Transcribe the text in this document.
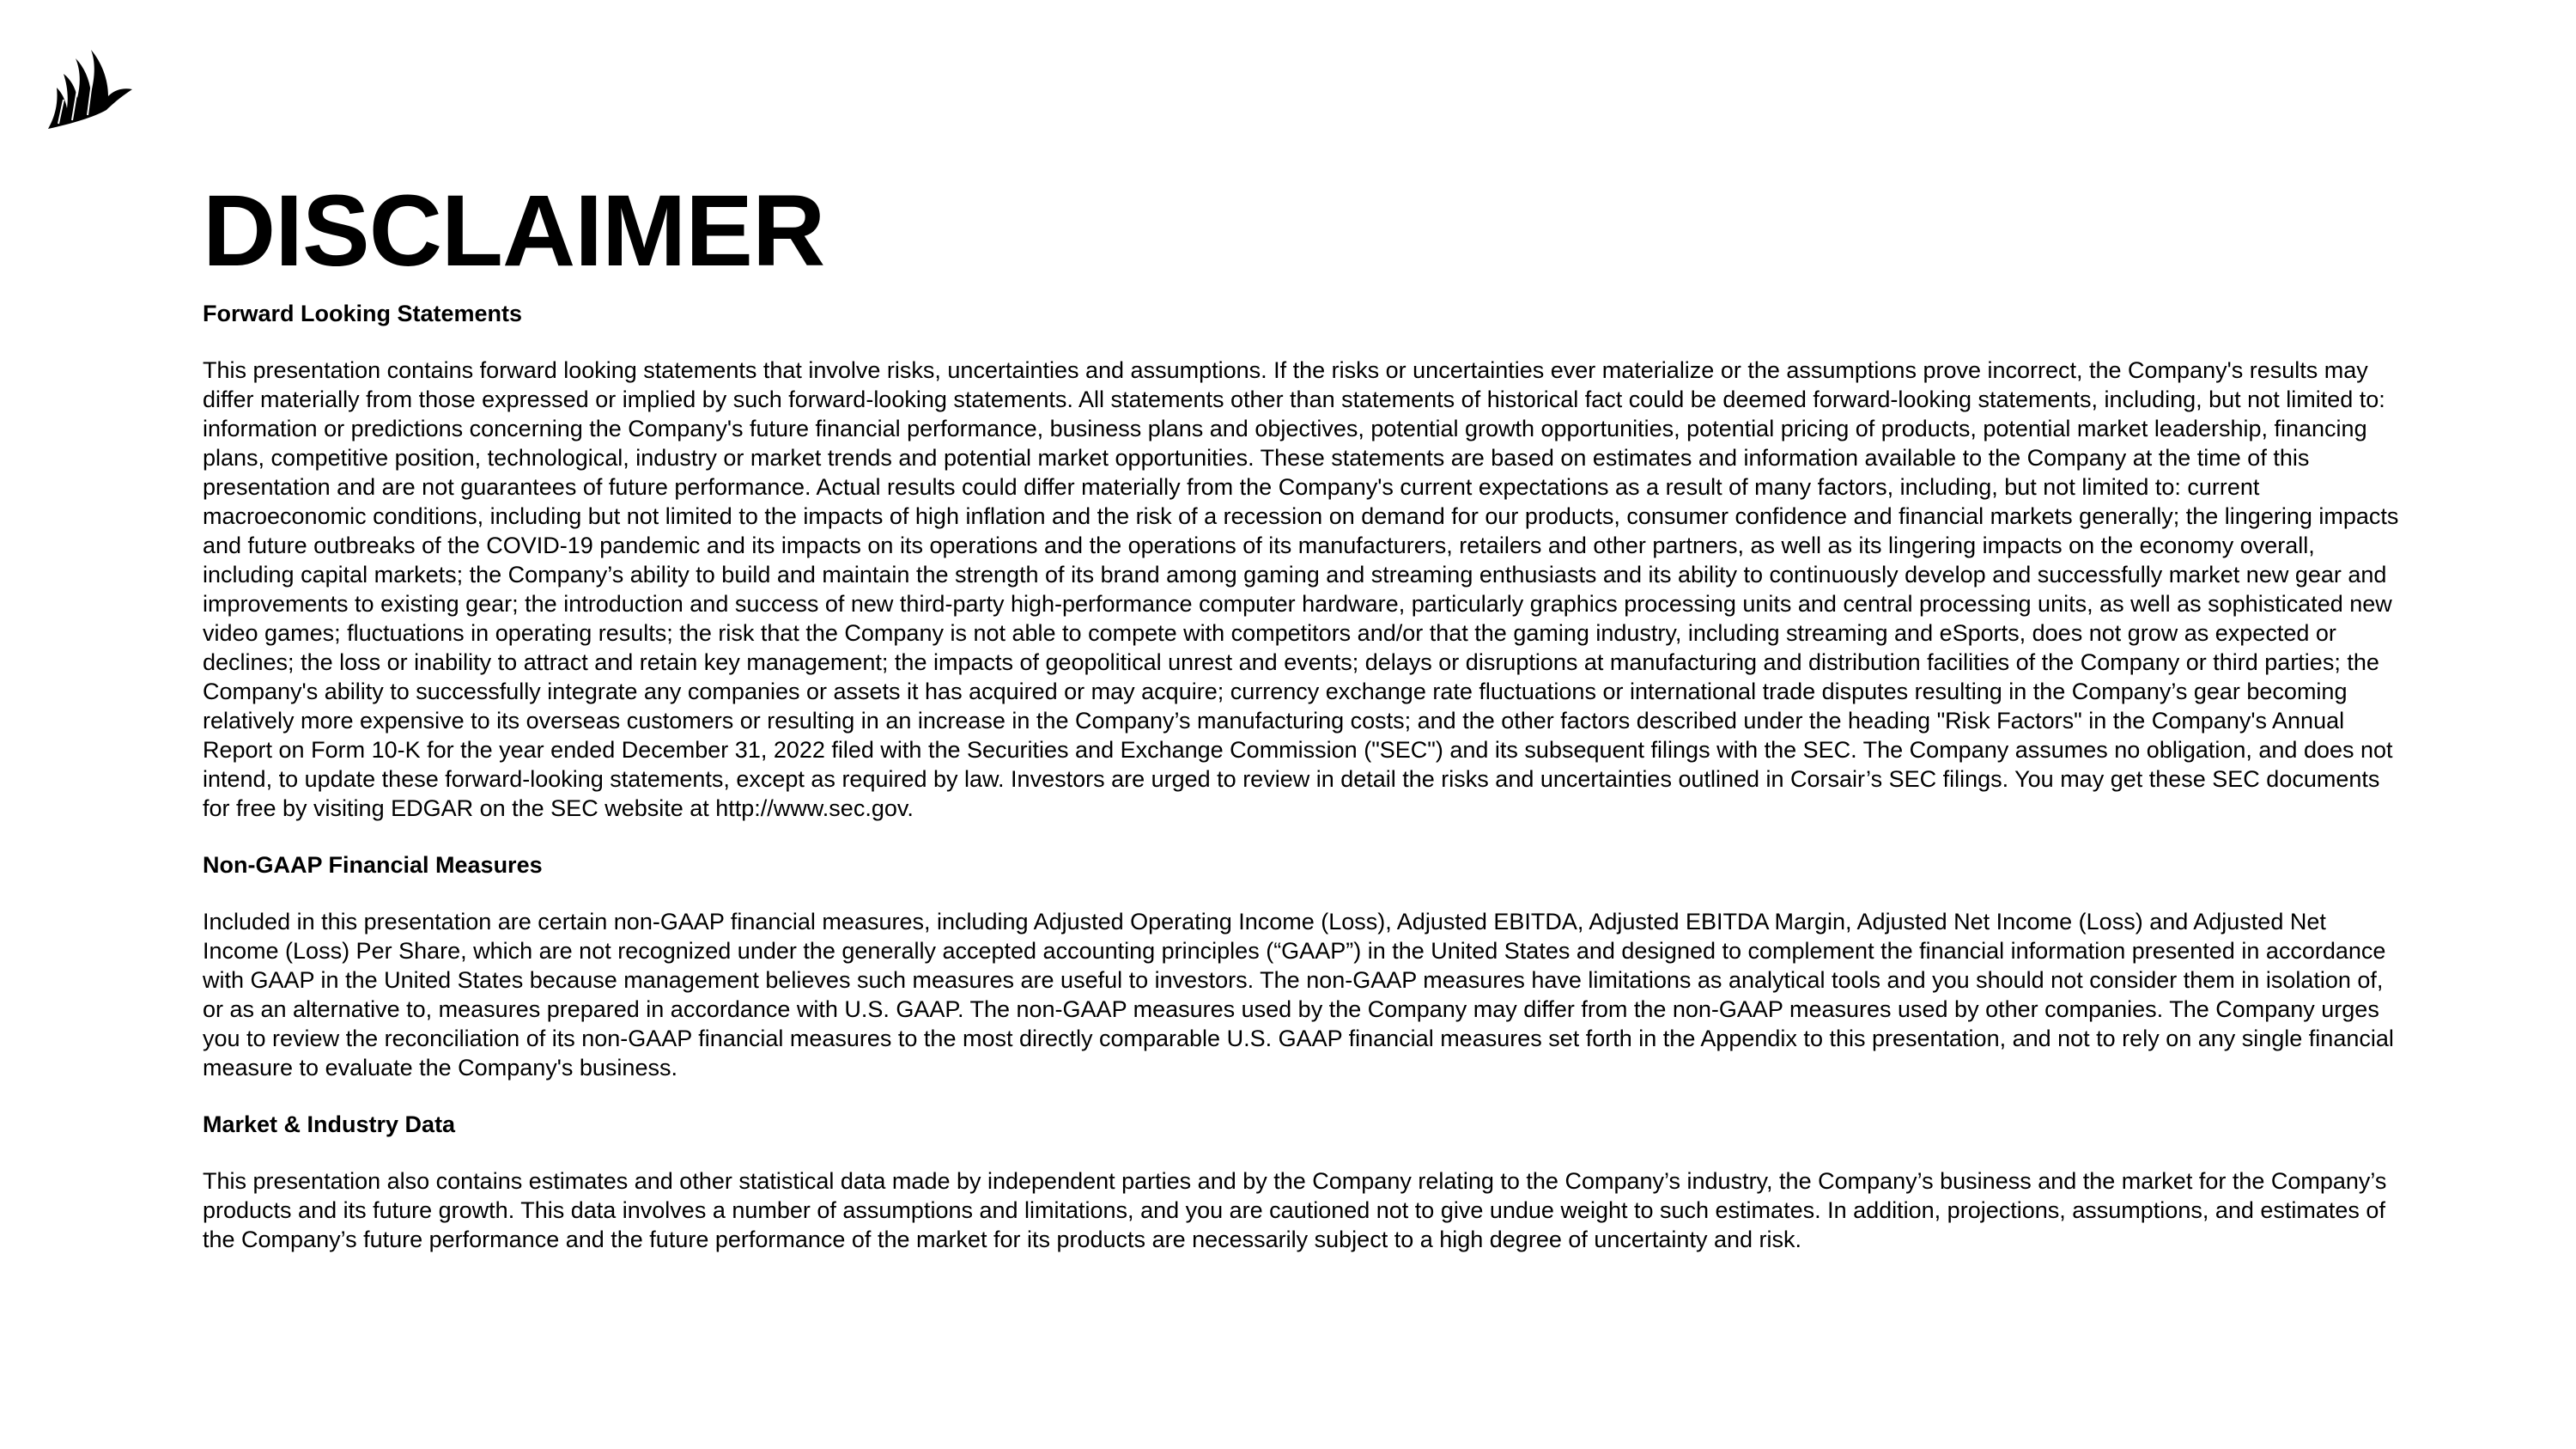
DISCLAIMER
Forward Looking Statements
This presentation contains forward looking statements that involve risks, uncertainties and assumptions. If the risks or uncertainties ever materialize or the assumptions prove incorrect, the Company's results may differ materially from those expressed or implied by such forward-looking statements. All statements other than statements of historical fact could be deemed forward-looking statements, including, but not limited to: information or predictions concerning the Company's future financial performance, business plans and objectives, potential growth opportunities, potential pricing of products, potential market leadership, financing plans, competitive position, technological, industry or market trends and potential market opportunities. These statements are based on estimates and information available to the Company at the time of this presentation and are not guarantees of future performance. Actual results could differ materially from the Company's current expectations as a result of many factors, including, but not limited to: current macroeconomic conditions, including but not limited to the impacts of high inflation and the risk of a recession on demand for our products, consumer confidence and financial markets generally; the lingering impacts and future outbreaks of the COVID-19 pandemic and its impacts on its operations and the operations of its manufacturers, retailers and other partners, as well as its lingering impacts on the economy overall, including capital markets; the Company’s ability to build and maintain the strength of its brand among gaming and streaming enthusiasts and its ability to continuously develop and successfully market new gear and improvements to existing gear; the introduction and success of new third-party high-performance computer hardware, particularly graphics processing units and central processing units, as well as sophisticated new video games; fluctuations in operating results; the risk that the Company is not able to compete with competitors and/or that the gaming industry, including streaming and eSports, does not grow as expected or declines; the loss or inability to attract and retain key management; the impacts of geopolitical unrest and events; delays or disruptions at manufacturing and distribution facilities of the Company or third parties; the Company's ability to successfully integrate any companies or assets it has acquired or may acquire; currency exchange rate fluctuations or international trade disputes resulting in the Company’s gear becoming relatively more expensive to its overseas customers or resulting in an increase in the Company’s manufacturing costs; and the other factors described under the heading "Risk Factors" in the Company's Annual Report on Form 10-K for the year ended December 31, 2022 filed with the Securities and Exchange Commission ("SEC") and its subsequent filings with the SEC. The Company assumes no obligation, and does not intend, to update these forward-looking statements, except as required by law. Investors are urged to review in detail the risks and uncertainties outlined in Corsair’s SEC filings. You may get these SEC documents for free by visiting EDGAR on the SEC website at http://www.sec.gov.
Non-GAAP Financial Measures
Included in this presentation are certain non-GAAP financial measures, including Adjusted Operating Income (Loss), Adjusted EBITDA, Adjusted EBITDA Margin, Adjusted Net Income (Loss) and Adjusted Net Income (Loss) Per Share, which are not recognized under the generally accepted accounting principles (“GAAP”) in the United States and designed to complement the financial information presented in accordance with GAAP in the United States because management believes such measures are useful to investors. The non-GAAP measures have limitations as analytical tools and you should not consider them in isolation of, or as an alternative to, measures prepared in accordance with U.S. GAAP. The non-GAAP measures used by the Company may differ from the non-GAAP measures used by other companies. The Company urges you to review the reconciliation of its non-GAAP financial measures to the most directly comparable U.S. GAAP financial measures set forth in the Appendix to this presentation, and not to rely on any single financial measure to evaluate the Company's business.
Market & Industry Data
This presentation also contains estimates and other statistical data made by independent parties and by the Company relating to the Company’s industry, the Company’s business and the market for the Company’s products and its future growth. This data involves a number of assumptions and limitations, and you are cautioned not to give undue weight to such estimates. In addition, projections, assumptions, and estimates of the Company’s future performance and the future performance of the market for its products are necessarily subject to a high degree of uncertainty and risk.
